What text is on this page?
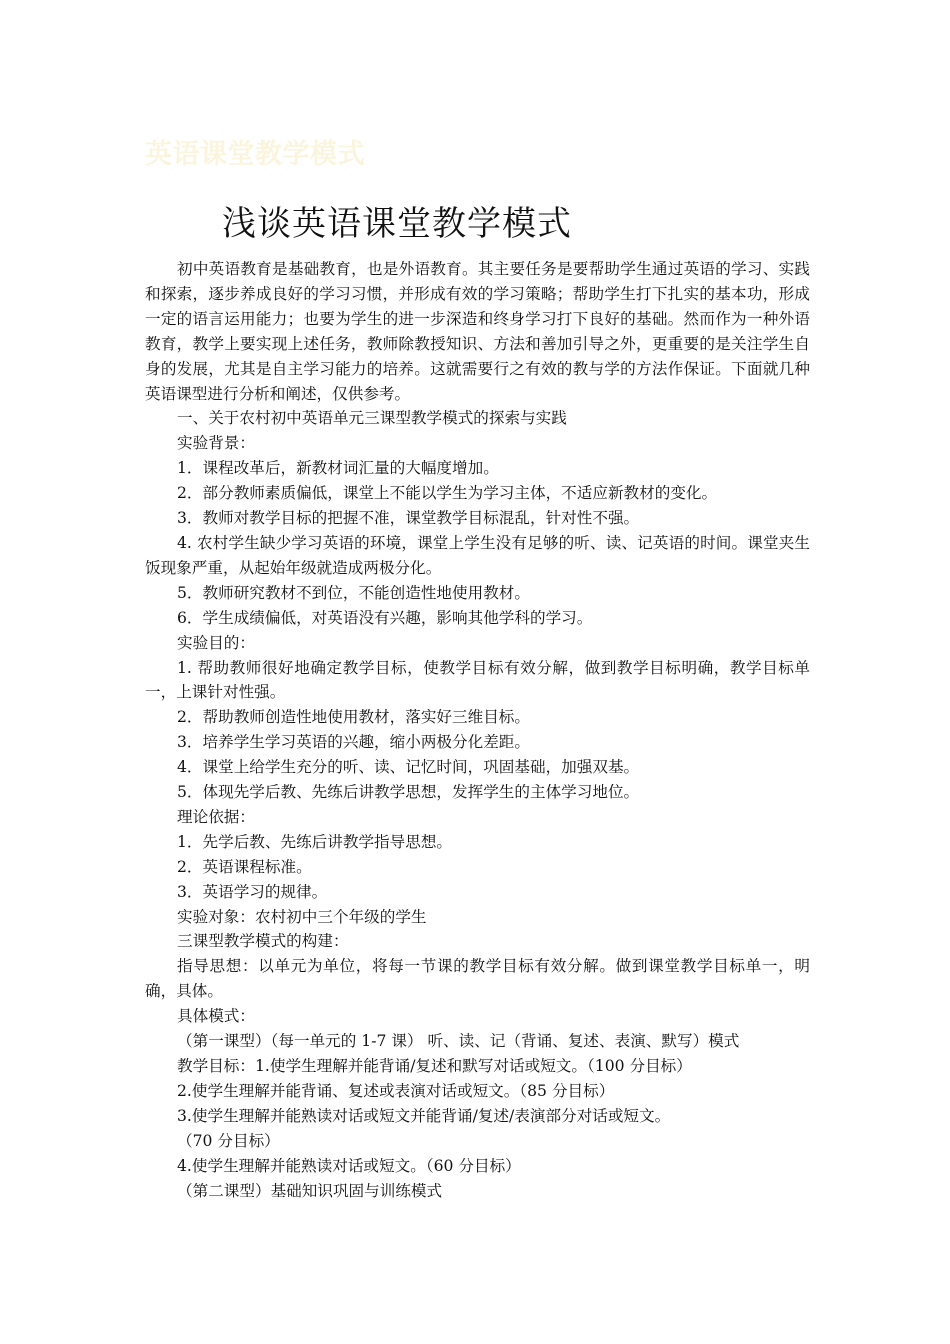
英语课堂教学模式
浅谈英语课堂教学模式

初中英语教育是基础教育，也是外语教育。其主要任务是要帮助学生通过英语的学习、实践和探索，逐步养成良好的学习习惯，并形成有效的学习策略；帮助学生打下扎实的基本功，形成一定的语言运用能力；也要为学生的进一步深造和终身学习打下良好的基础。然而作为一种外语教育，教学上要实现上述任务，教师除教授知识、方法和善加引导之外，更重要的是关注学生自身的发展，尤其是自主学习能力的培养。这就需要行之有效的教与学的方法作保证。下面就几种英语课型进行分析和阐述，仅供参考。

一、关于农村初中英语单元三课型教学模式的探索与实践

实验背景：

1．课程改革后，新教材词汇量的大幅度增加。

2．部分教师素质偏低，课堂上不能以学生为学习主体，不适应新教材的变化。

3．教师对教学目标的把握不准，课堂教学目标混乱，针对性不强。

4. 农村学生缺少学习英语的环境，课堂上学生没有足够的听、读、记英语的时间。课堂夹生饭现象严重，从起始年级就造成两极分化。

5．教师研究教材不到位，不能创造性地使用教材。

6．学生成绩偏低，对英语没有兴趣，影响其他学科的学习。

实验目的：

1. 帮助教师很好地确定教学目标，使教学目标有效分解，做到教学目标明确，教学目标单一，上课针对性强。

2．帮助教师创造性地使用教材，落实好三维目标。

3．培养学生学习英语的兴趣，缩小两极分化差距。

4．课堂上给学生充分的听、读、记忆时间，巩固基础，加强双基。

5．体现先学后教、先练后讲教学思想，发挥学生的主体学习地位。

理论依据：

1．先学后教、先练后讲教学指导思想。

2．英语课程标准。

3．英语学习的规律。

实验对象：农村初中三个年级的学生

三课型教学模式的构建：

指导思想：以单元为单位，将每一节课的教学目标有效分解。做到课堂教学目标单一，明确，具体。

具体模式：

（第一课型）（每一单元的 1-7 课） 听、读、记（背诵、复述、表演、默写）模式

教学目标：1.使学生理解并能背诵/复述和默写对话或短文。（100 分目标）

2.使学生理解并能背诵、复述或表演对话或短文。（85 分目标）

3.使学生理解并能熟读对话或短文并能背诵/复述/表演部分对话或短文。

（70 分目标）

4.使学生理解并能熟读对话或短文。（60 分目标）

（第二课型）基础知识巩固与训练模式
